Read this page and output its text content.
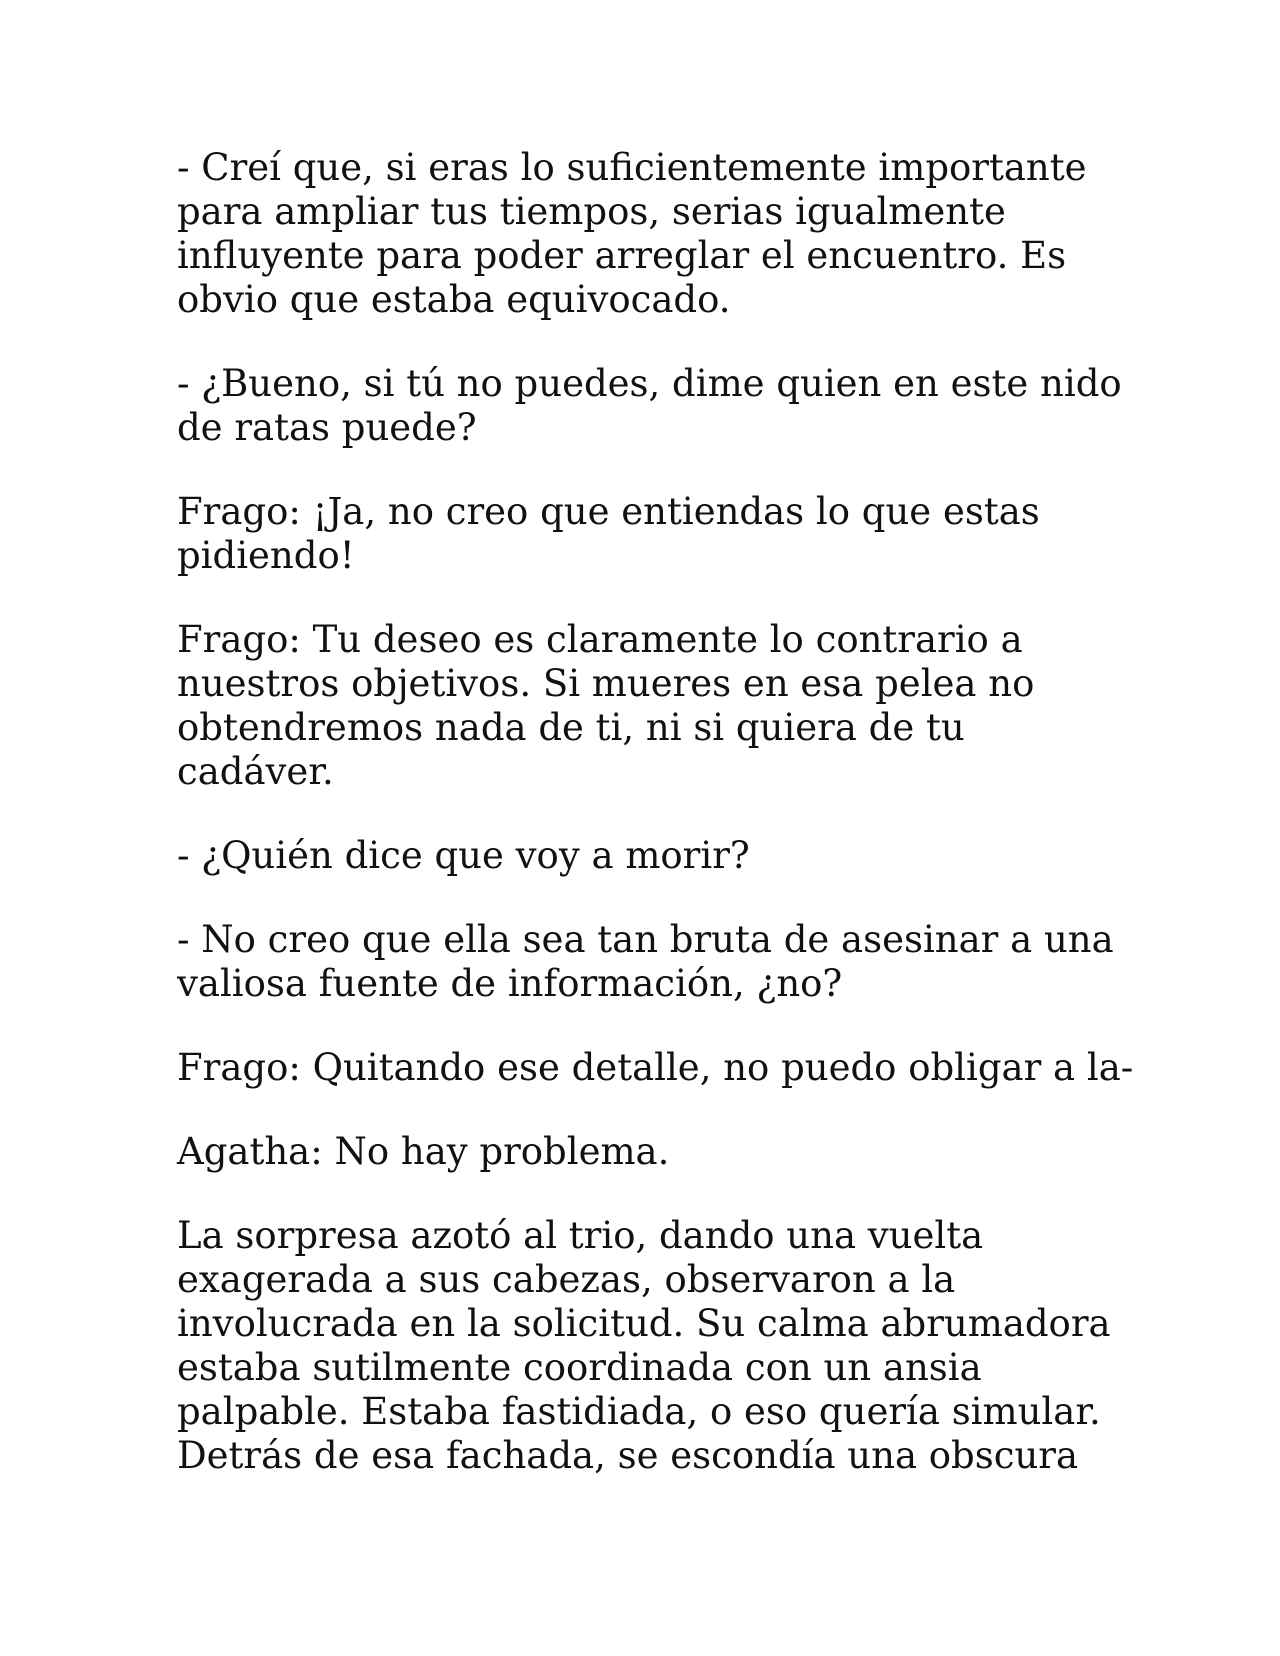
- Creí que, si eras lo suficientemente importante
para ampliar tus tiempos, serias igualmente
influyente para poder arreglar el encuentro. Es
obvio que estaba equivocado.

- ¿Bueno, si tú no puedes, dime quien en este nido
de ratas puede?

Frago: ¡Ja, no creo que entiendas lo que estas
pidiendo!

Frago: Tu deseo es claramente lo contrario a
nuestros objetivos. Si mueres en esa pelea no
obtendremos nada de ti, ni si quiera de tu
cadáver.

- ¿Quién dice que voy a morir?

- No creo que ella sea tan bruta de asesinar a una
valiosa fuente de información, ¿no?

Frago: Quitando ese detalle, no puedo obligar a la-

Agatha: No hay problema.

La sorpresa azotó al trio, dando una vuelta
exagerada a sus cabezas, observaron a la
involucrada en la solicitud. Su calma abrumadora
estaba sutilmente coordinada con un ansia
palpable. Estaba fastidiada, o eso quería simular.
Detrás de esa fachada, se escondía una obscura
